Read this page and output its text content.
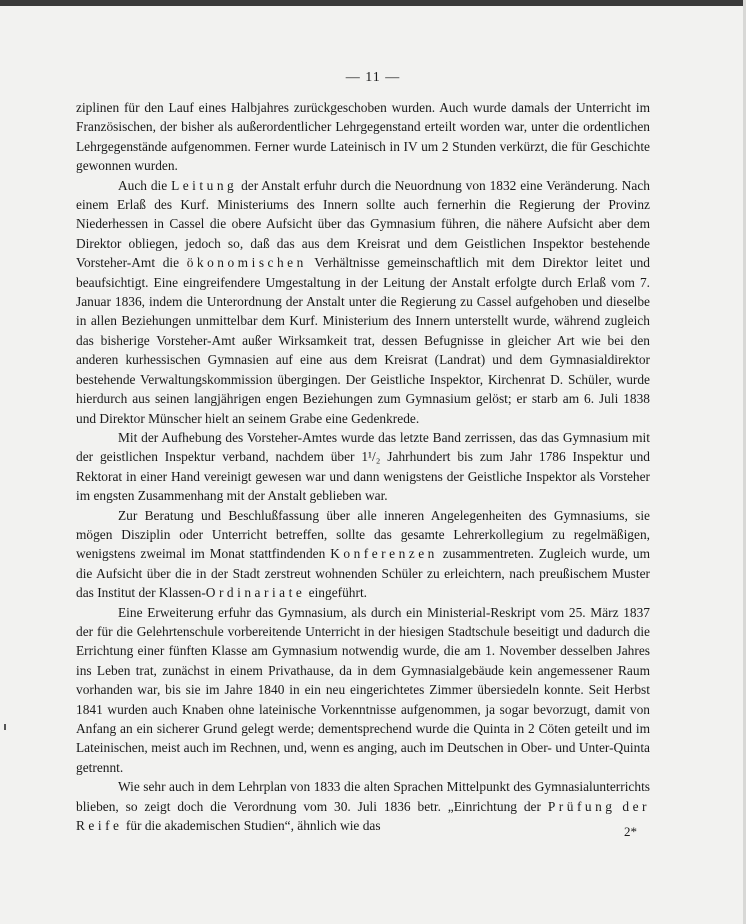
— 11 —

ziplinen für den Lauf eines Halbjahres zurückgeschoben wurden. Auch wurde damals der Unterricht im Französischen, der bisher als außerordentlicher Lehrgegenstand erteilt worden war, unter die ordentlichen Lehrgegenstände aufgenommen. Ferner wurde Lateinisch in IV um 2 Stunden verkürzt, die für Geschichte gewonnen wurden.

Auch die Leitung der Anstalt erfuhr durch die Neuordnung von 1832 eine Veränderung. Nach einem Erlaß des Kurf. Ministeriums des Innern sollte auch fernerhin die Regierung der Provinz Niederhessen in Cassel die obere Aufsicht über das Gymnasium führen, die nähere Aufsicht aber dem Direktor obliegen, jedoch so, daß das aus dem Kreisrat und dem Geistlichen Inspektor bestehende Vorsteher-Amt die ökonomischen Verhältnisse gemeinschaftlich mit dem Direktor leitet und beaufsichtigt. Eine eingreifendere Umgestaltung in der Leitung der Anstalt erfolgte durch Erlaß vom 7. Januar 1836, indem die Unterordnung der Anstalt unter die Regierung zu Cassel aufgehoben und dieselbe in allen Beziehungen unmittelbar dem Kurf. Ministerium des Innern unterstellt wurde, während zugleich das bisherige Vorsteher-Amt außer Wirksamkeit trat, dessen Befugnisse in gleicher Art wie bei den anderen kurhessischen Gymnasien auf eine aus dem Kreisrat (Landrat) und dem Gymnasialdirektor bestehende Verwaltungskommission übergingen. Der Geistliche Inspektor, Kirchenrat D. Schüler, wurde hierdurch aus seinen langjährigen engen Beziehungen zum Gymnasium gelöst; er starb am 6. Juli 1838 und Direktor Münscher hielt an seinem Grabe eine Gedenkrede.

Mit der Aufhebung des Vorsteher-Amtes wurde das letzte Band zerrissen, das das Gymnasium mit der geistlichen Inspektur verband, nachdem über 1¹/₂ Jahrhundert bis zum Jahr 1786 Inspektur und Rektorat in einer Hand vereinigt gewesen war und dann wenigstens der Geistliche Inspektor als Vorsteher im engsten Zusammenhang mit der Anstalt geblieben war.

Zur Beratung und Beschlußfassung über alle inneren Angelegenheiten des Gymnasiums, sie mögen Disziplin oder Unterricht betreffen, sollte das gesamte Lehrerkollegium zu regelmäßigen, wenigstens zweimal im Monat stattfindenden Konferenzen zusammentreten. Zugleich wurde, um die Aufsicht über die in der Stadt zerstreut wohnenden Schüler zu erleichtern, nach preußischem Muster das Institut der Klassen-Ordinariate eingeführt.

Eine Erweiterung erfuhr das Gymnasium, als durch ein Ministerial-Reskript vom 25. März 1837 der für die Gelehrtenschule vorbereitende Unterricht in der hiesigen Stadtschule beseitigt und dadurch die Errichtung einer fünften Klasse am Gymnasium notwendig wurde, die am 1. November desselben Jahres ins Leben trat, zunächst in einem Privathause, da in dem Gymnasialgebäude kein angemessener Raum vorhanden war, bis sie im Jahre 1840 in ein neu eingerichtetes Zimmer übersiedeln konnte. Seit Herbst 1841 wurden auch Knaben ohne lateinische Vorkenntnisse aufgenommen, ja sogar bevorzugt, damit von Anfang an ein sicherer Grund gelegt werde; dementsprechend wurde die Quinta in 2 Cöten geteilt und im Lateinischen, meist auch im Rechnen, und, wenn es anging, auch im Deutschen in Ober- und Unter-Quinta getrennt.

Wie sehr auch in dem Lehrplan von 1833 die alten Sprachen Mittelpunkt des Gymnasialunterrichts blieben, so zeigt doch die Verordnung vom 30. Juli 1836 betr. „Einrichtung der Prüfung der Reife für die akademischen Studien“, ähnlich wie das	2*
